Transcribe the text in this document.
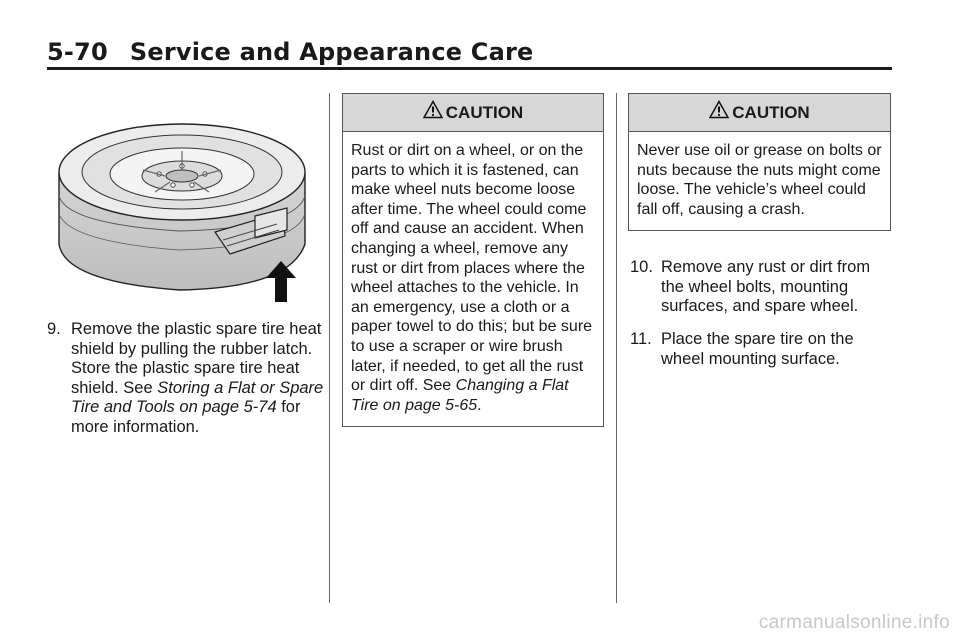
5-70 Service and Appearance Care
9. Remove the plastic spare tire heat shield by pulling the rubber latch. Store the plastic spare tire heat shield. See Storing a Flat or Spare Tire and Tools on page 5-74 for more information.
CAUTION
Rust or dirt on a wheel, or on the parts to which it is fastened, can make wheel nuts become loose after time. The wheel could come off and cause an accident. When changing a wheel, remove any rust or dirt from places where the wheel attaches to the vehicle. In an emergency, use a cloth or a paper towel to do this; but be sure to use a scraper or wire brush later, if needed, to get all the rust or dirt off. See Changing a Flat Tire on page 5-65.
CAUTION
Never use oil or grease on bolts or nuts because the nuts might come loose. The vehicle’s wheel could fall off, causing a crash.
10. Remove any rust or dirt from the wheel bolts, mounting surfaces, and spare wheel.
11. Place the spare tire on the wheel mounting surface.
carmanualsonline.info
